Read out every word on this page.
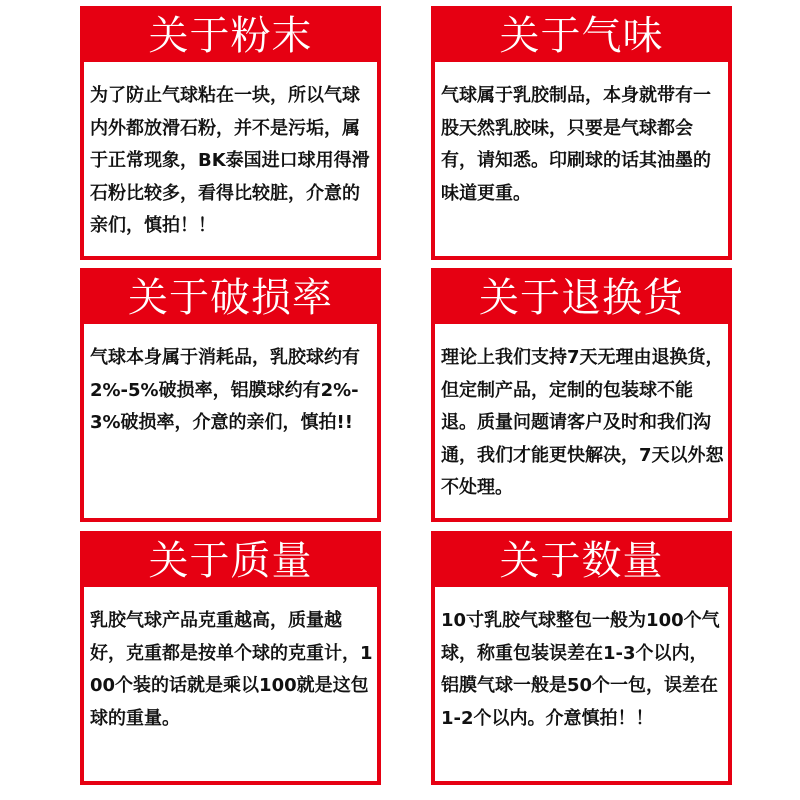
关于粉末
为了防止气球粘在一块，所以气球内外都放滑石粉，并不是污垢，属于正常现象，BK泰国进口球用得滑石粉比较多，看得比较脏，介意的亲们，慎拍！！
关于气味
气球属于乳胶制品，本身就带有一股天然乳胶味，只要是气球都会有，请知悉。印刷球的话其油墨的味道更重。
关于破损率
气球本身属于消耗品，乳胶球约有2%-5%破损率，铝膜球约有2%-3%破损率，介意的亲们，慎拍!!
关于退换货
理论上我们支持7天无理由退换货，但定制产品，定制的包装球不能退。质量问题请客户及时和我们沟通，我们才能更快解决，7天以外恕不处理。
关于质量
乳胶气球产品克重越高，质量越好，克重都是按单个球的克重计，100个装的话就是乘以100就是这包球的重量。
关于数量
10寸乳胶气球整包一般为100个气球，称重包装误差在1-3个以内，铝膜气球一般是50个一包，误差在1-2个以内。介意慎拍！！
